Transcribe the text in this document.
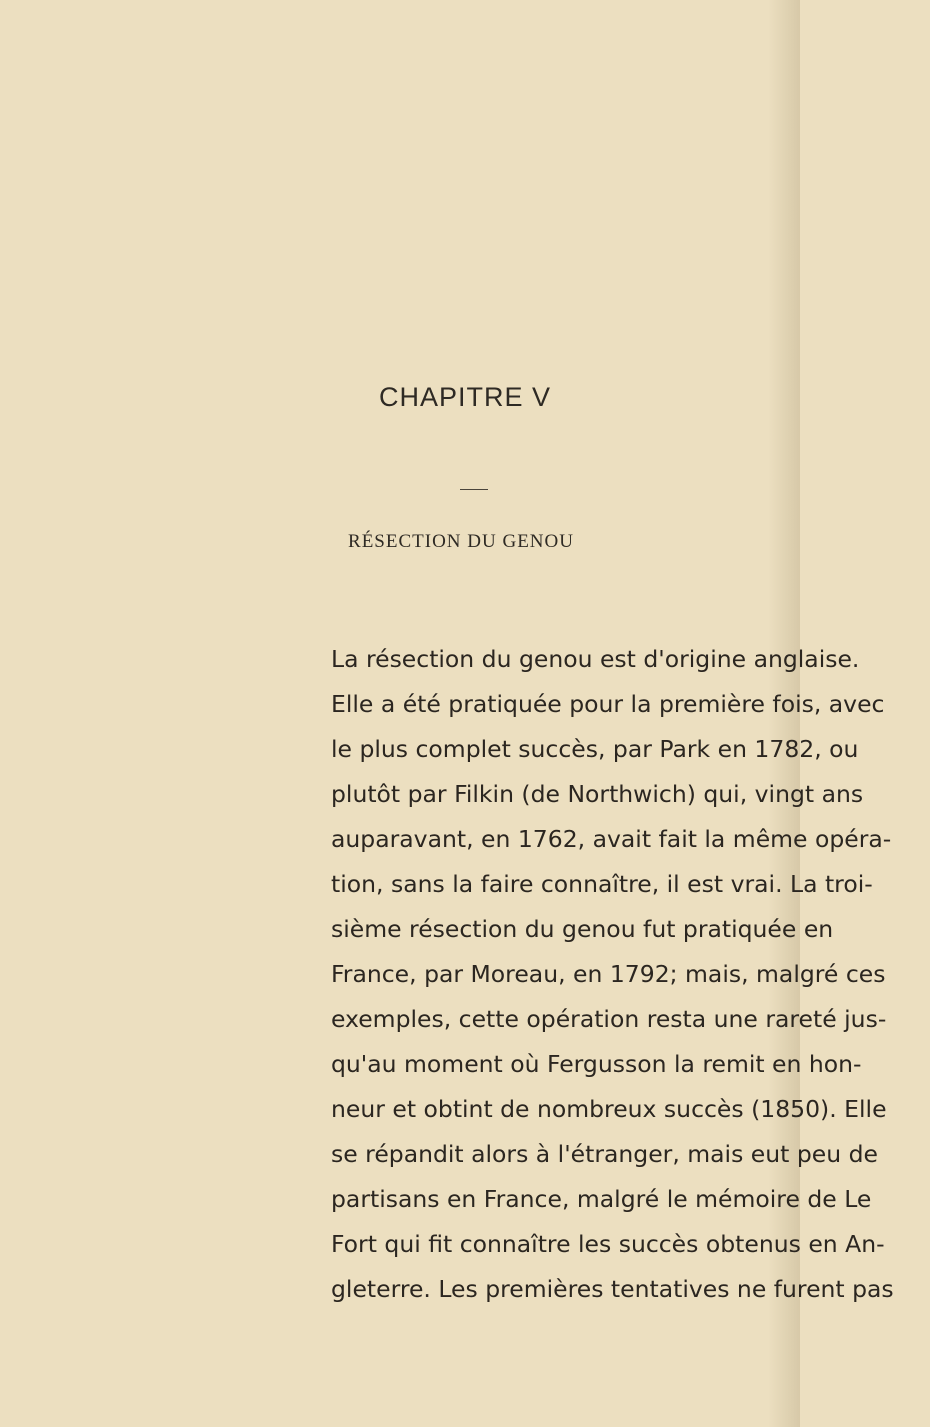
CHAPITRE V
RÉSECTION DU GENOU
La résection du genou est d'origine anglaise.
Elle a été pratiquée pour la première fois, avec
le plus complet succès, par Park en 1782, ou
plutôt par Filkin (de Northwich) qui, vingt ans
auparavant, en 1762, avait fait la même opéra-
tion, sans la faire connaître, il est vrai. La troi-
sième résection du genou fut pratiquée en
France, par Moreau, en 1792; mais, malgré ces
exemples, cette opération resta une rareté jus-
qu'au moment où Fergusson la remit en hon-
neur et obtint de nombreux succès (1850). Elle
se répandit alors à l'étranger, mais eut peu de
partisans en France, malgré le mémoire de Le
Fort qui fit connaître les succès obtenus en An-
gleterre. Les premières tentatives ne furent pas
